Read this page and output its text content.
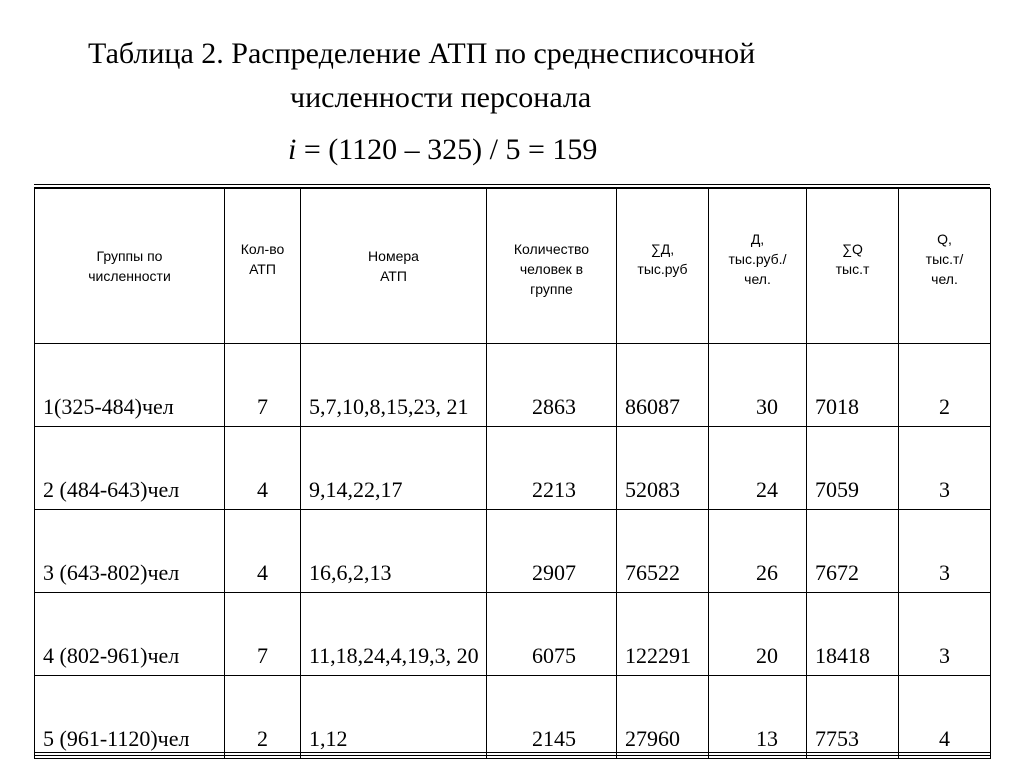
Таблица 2. Распределение АТП по среднесписочной
численности персонала
i = (1120 – 325) / 5 = 159
Группы по численности	Кол-во АТП	Номера АТП	Количество человек в группе	∑Д, тыс.руб	Д, тыс.руб./ чел.	∑Q тыс.т	Q, тыс.т/ чел.

1(325-484)чел	7	5,7,10,8,15,23, 21	2863	86087	30	7018	2
2 (484-643)чел	4	9,14,22,17	2213	52083	24	7059	3
3 (643-802)чел	4	16,6,2,13	2907	76522	26	7672	3
4 (802-961)чел	7	11,18,24,4,19,3, 20	6075	122291	20	18418	3
5 (961-1120)чел	2	1,12	2145	27960	13	7753	4
